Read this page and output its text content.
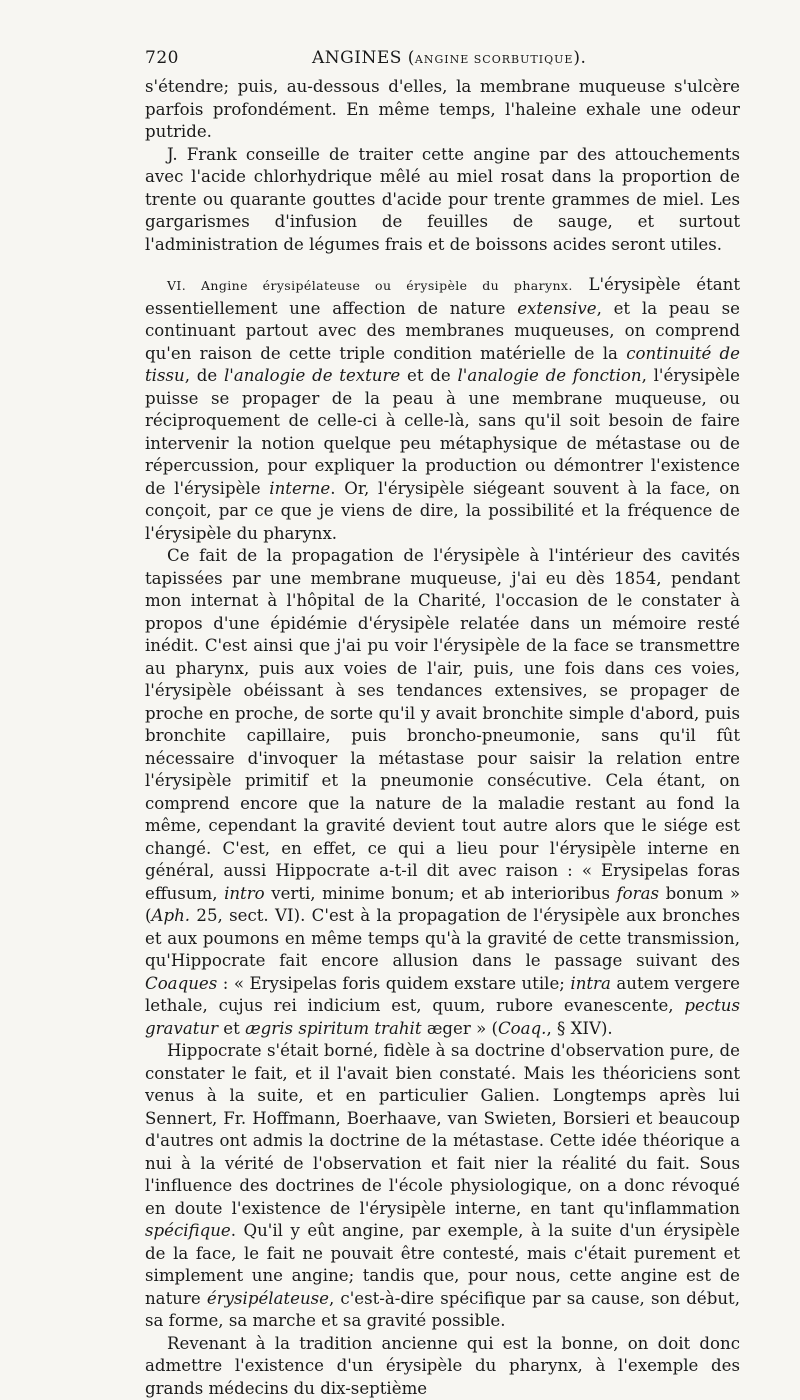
720	ANGINES (ANGINE SCORBUTIQUE).

s'étendre; puis, au-dessous d'elles, la membrane muqueuse s'ulcère parfois profondément. En même temps, l'haleine exhale une odeur putride.

J. Frank conseille de traiter cette angine par des attouchements avec l'acide chlorhydrique mêlé au miel rosat dans la proportion de trente ou quarante gouttes d'acide pour trente grammes de miel. Les gargarismes d'infusion de feuilles de sauge, et surtout l'administration de légumes frais et de boissons acides seront utiles.

VI. Angine érysipélateuse ou érysipèle du pharynx. L'érysipèle étant essentiellement une affection de nature extensive, et la peau se continuant partout avec des membranes muqueuses, on comprend qu'en raison de cette triple condition matérielle de la continuité de tissu, de l'analogie de texture et de l'analogie de fonction, l'érysipèle puisse se propager de la peau à une membrane muqueuse, ou réciproquement de celle-ci à celle-là, sans qu'il soit besoin de faire intervenir la notion quelque peu métaphysique de métastase ou de répercussion, pour expliquer la production ou démontrer l'existence de l'érysipèle interne. Or, l'érysipèle siégeant souvent à la face, on conçoit, par ce que je viens de dire, la possibilité et la fréquence de l'érysipèle du pharynx.

Ce fait de la propagation de l'érysipèle à l'intérieur des cavités tapissées par une membrane muqueuse, j'ai eu dès 1854, pendant mon internat à l'hôpital de la Charité, l'occasion de le constater à propos d'une épidémie d'érysipèle relatée dans un mémoire resté inédit. C'est ainsi que j'ai pu voir l'érysipèle de la face se transmettre au pharynx, puis aux voies de l'air, puis, une fois dans ces voies, l'érysipèle obéissant à ses tendances extensives, se propager de proche en proche, de sorte qu'il y avait bronchite simple d'abord, puis bronchite capillaire, puis broncho-pneumonie, sans qu'il fût nécessaire d'invoquer la métastase pour saisir la relation entre l'érysipèle primitif et la pneumonie consécutive. Cela étant, on comprend encore que la nature de la maladie restant au fond la même, cependant la gravité devient tout autre alors que le siége est changé. C'est, en effet, ce qui a lieu pour l'érysipèle interne en général, aussi Hippocrate a-t-il dit avec raison : « Erysipelas foras effusum, intro verti, minime bonum; et ab interioribus foras bonum » (Aph. 25, sect. VI). C'est à la propagation de l'érysipèle aux bronches et aux poumons en même temps qu'à la gravité de cette transmission, qu'Hippocrate fait encore allusion dans le passage suivant des Coaques : « Erysipelas foris quidem exstare utile; intra autem vergere lethale, cujus rei indicium est, quum, rubore evanescente, pectus gravatur et ægris spiritum trahit æger » (Coaq., § XIV).

Hippocrate s'était borné, fidèle à sa doctrine d'observation pure, de constater le fait, et il l'avait bien constaté. Mais les théoriciens sont venus à la suite, et en particulier Galien. Longtemps après lui Sennert, Fr. Hoffmann, Boerhaave, van Swieten, Borsieri et beaucoup d'autres ont admis la doctrine de la métastase. Cette idée théorique a nui à la vérité de l'observation et fait nier la réalité du fait. Sous l'influence des doctrines de l'école physiologique, on a donc révoqué en doute l'existence de l'érysipèle interne, en tant qu'inflammation spécifique. Qu'il y eût angine, par exemple, à la suite d'un érysipèle de la face, le fait ne pouvait être contesté, mais c'était purement et simplement une angine; tandis que, pour nous, cette angine est de nature érysipélateuse, c'est-à-dire spécifique par sa cause, son début, sa forme, sa marche et sa gravité possible.

Revenant à la tradition ancienne qui est la bonne, on doit donc admettre l'existence d'un érysipèle du pharynx, à l'exemple des grands médecins du dix-septième
